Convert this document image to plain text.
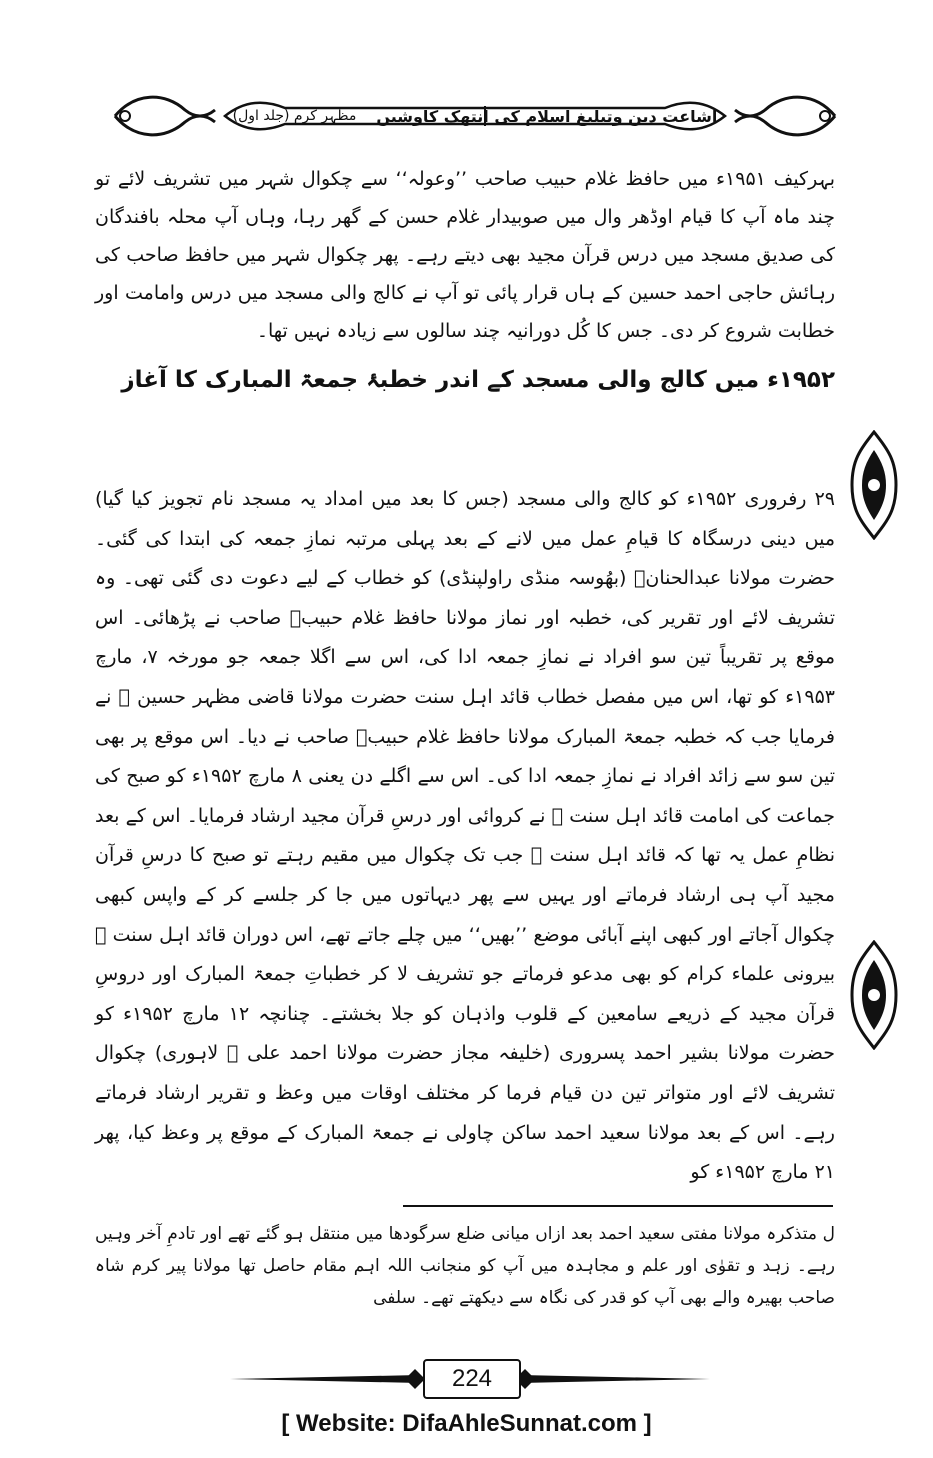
اشاعت دین وتبلیغ اسلام کی انتھک کاوشیں
مظہر کرم (جلد اول)

بہرکیف ۱۹۵۱ء میں حافظ غلام حبیب صاحب ’’وعولہ‘‘ سے چکوال شہر میں تشریف لائے تو چند ماہ آپ کا قیام اوڈھر وال میں صوبیدار غلام حسن کے گھر رہا، وہاں آپ محلہ بافندگان کی صدیق مسجد میں درس قرآن مجید بھی دیتے رہے۔ پھر چکوال شہر میں حافظ صاحب کی رہائش حاجی احمد حسین کے ہاں قرار پائی تو آپ نے کالج والی مسجد میں درس وامامت اور خطابت شروع کر دی۔ جس کا کُل دورانیہ چند سالوں سے زیادہ نہیں تھا۔

۱۹۵۲ء میں کالج والی مسجد کے اندر خطبۂ جمعۃ المبارک کا آغاز

۲۹ رفروری ۱۹۵۲ء کو کالج والی مسجد (جس کا بعد میں امداد یہ مسجد نام تجویز کیا گیا) میں دینی درسگاہ کا قیامِ عمل میں لانے کے بعد پہلی مرتبہ نمازِ جمعہ کی ابتدا کی گئی۔ حضرت مولانا عبدالحنانؒ (بھُوسہ منڈی راولپنڈی) کو خطاب کے لیے دعوت دی گئی تھی۔ وہ تشریف لائے اور تقریر کی، خطبہ اور نماز مولانا حافظ غلام حبیبؒ صاحب نے پڑھائی۔ اس موقع پر تقریباً تین سو افراد نے نمازِ جمعہ ادا کی، اس سے اگلا جمعہ جو مورخہ ۷، مارچ ۱۹۵۳ء کو تھا، اس میں مفصل خطاب قائد اہل سنت حضرت مولانا قاضی مظہر حسین ﷫ نے فرمایا جب کہ خطبہ جمعۃ المبارک مولانا حافظ غلام حبیبؒ صاحب نے دیا۔ اس موقع پر بھی تین سو سے زائد افراد نے نمازِ جمعہ ادا کی۔ اس سے اگلے دن یعنی ۸ مارچ ۱۹۵۲ء کو صبح کی جماعت کی امامت قائد اہل سنت ﷫ نے کروائی اور درسِ قرآن مجید ارشاد فرمایا۔ اس کے بعد نظامِ عمل یہ تھا کہ قائد اہل سنت ﷫ جب تک چکوال میں مقیم رہتے تو صبح کا درسِ قرآن مجید آپ ہی ارشاد فرماتے اور یہیں سے پھر دیہاتوں میں جا کر جلسے کر کے واپس کبھی چکوال آجاتے اور کبھی اپنے آبائی موضع ’’بھیں‘‘ میں چلے جاتے تھے، اس دوران قائد اہل سنت ﷫ بیرونی علماء کرام کو بھی مدعو فرماتے جو تشریف لا کر خطباتِ جمعۃ المبارک اور دروسِ قرآن مجید کے ذریعے سامعین کے قلوب واذہان کو جلا بخشتے۔ چنانچہ ۱۲ مارچ ۱۹۵۲ء کو حضرت مولانا بشیر احمد پسروری (خلیفہ مجاز حضرت مولانا احمد علی ﷫ لاہوری) چکوال تشریف لائے اور متواتر تین دن قیام فرما کر مختلف اوقات میں وعظ و تقریر ارشاد فرماتے رہے۔ اس کے بعد مولانا سعید احمد ساکن چاولی نے جمعۃ المبارک کے موقع پر وعظ کیا، پھر ۲۱ مارچ ۱۹۵۲ء کو

ل متذکرہ مولانا مفتی سعید احمد بعد ازاں میانی ضلع سرگودھا میں منتقل ہو گئے تھے اور تادمِ آخر وہیں رہے۔ زہد و تقوٰی اور علم و مجاہدہ میں آپ کو منجانب اللہ اہم مقام حاصل تھا مولانا پیر کرم شاہ صاحب بھیرہ والے بھی آپ کو قدر کی نگاہ سے دیکھتے تھے۔ سلفی

224
[ Website: DifaAhleSunnat.com ]
